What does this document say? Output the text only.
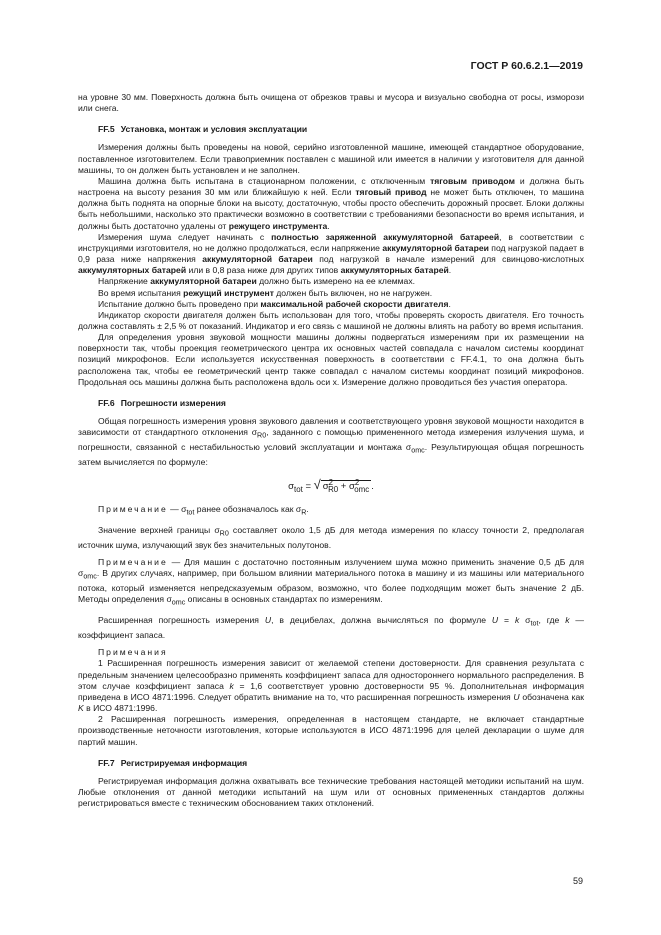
ГОСТ Р 60.6.2.1—2019

на уровне 30 мм. Поверхность должна быть очищена от обрезков травы и мусора и визуально свободна от росы, изморози или снега.

FF.5 Установка, монтаж и условия эксплуатации

Измерения должны быть проведены на новой, серийно изготовленной машине, имеющей стандартное оборудование, поставленное изготовителем. Если травоприемник поставлен с машиной или имеется в наличии у изготовителя для данной машины, то он должен быть установлен и не заполнен.

Машина должна быть испытана в стационарном положении, с отключенным тяговым приводом и должна быть настроена на высоту резания 30 мм или ближайшую к ней. Если тяговый привод не может быть отключен, то машина должна быть поднята на опорные блоки на высоту, достаточную, чтобы просто обеспечить дорожный просвет. Блоки должны быть небольшими, насколько это практически возможно в соответствии с требованиями безопасности во время испытания, и должны быть достаточно удалены от режущего инструмента.

Измерения шума следует начинать с полностью заряженной аккумуляторной батареей, в соответствии с инструкциями изготовителя, но не должно продолжаться, если напряжение аккумуляторной батареи под нагрузкой падает в 0,9 раза ниже напряжения аккумуляторной батареи под нагрузкой в начале измерений для свинцово-кислотных аккумуляторных батарей или в 0,8 раза ниже для других типов аккумуляторных батарей.

Напряжение аккумуляторной батареи должно быть измерено на ее клеммах.

Во время испытания режущий инструмент должен быть включен, но не нагружен.

Испытание должно быть проведено при максимальной рабочей скорости двигателя.

Индикатор скорости двигателя должен быть использован для того, чтобы проверять скорость двигателя. Его точность должна составлять ± 2,5 % от показаний. Индикатор и его связь с машиной не должны влиять на работу во время испытания.

Для определения уровня звуковой мощности машины должны подвергаться измерениям при их размещении на поверхности так, чтобы проекция геометрического центра их основных частей совпадала с началом системы координат позиций микрофонов. Если используется искусственная поверхность в соответствии с FF.4.1, то она должна быть расположена так, чтобы ее геометрический центр также совпадал с началом системы координат позиций микрофонов. Продольная ось машины должна быть расположена вдоль оси x. Измерение должно проводиться без участия оператора.

FF.6 Погрешности измерения

Общая погрешность измерения уровня звукового давления и соответствующего уровня звуковой мощности находится в зависимости от стандартного отклонения $\sigma_{R0}$, заданного с помощью примененного метода измерения излучения шума, и погрешности, связанной с нестабильностью условий эксплуатации и монтажа $\sigma_{omc}$. Результирующая общая погрешность затем вычисляется по формуле:

$\sigma_{tot}$ = √ $\sigma^2_{R0} + \sigma^2_{omc}$ .

Примечание — $\sigma_{tot}$ ранее обозначалось как $\sigma_R$.

Значение верхней границы $\sigma_{R0}$ составляет около 1,5 дБ для метода измерения по классу точности 2, предполагая источник шума, излучающий звук без значительных полутонов.

Примечание — Для машин с достаточно постоянным излучением шума можно применить значение 0,5 дБ для $\sigma_{omc}$. В других случаях, например, при большом влиянии материального потока в машину и из машины или материального потока, который изменяется непредсказуемым образом, возможно, что более подходящим может быть значение 2 дБ. Методы определения $\sigma_{omc}$ описаны в основных стандартах по измерениям.

Расширенная погрешность измерения U, в децибелах, должна вычисляться по формуле U = k $\sigma_{tot}$, где k — коэффициент запаса.

Примечания

1 Расширенная погрешность измерения зависит от желаемой степени достоверности. Для сравнения результата с предельным значением целесообразно применять коэффициент запаса для одностороннего нормального распределения. В этом случае коэффициент запаса k = 1,6 соответствует уровню достоверности 95 %. Дополнительная информация приведена в ИСО 4871:1996. Следует обратить внимание на то, что расширенная погрешность измерения U обозначена как K в ИСО 4871:1996.

2 Расширенная погрешность измерения, определенная в настоящем стандарте, не включает стандартные производственные неточности изготовления, которые используются в ИСО 4871:1996 для целей декларации о шуме для партий машин.

FF.7 Регистрируемая информация

Регистрируемая информация должна охватывать все технические требования настоящей методики испытаний на шум. Любые отклонения от данной методики испытаний на шум или от основных примененных стандартов должны регистрироваться вместе с техническим обоснованием таких отклонений.

59
